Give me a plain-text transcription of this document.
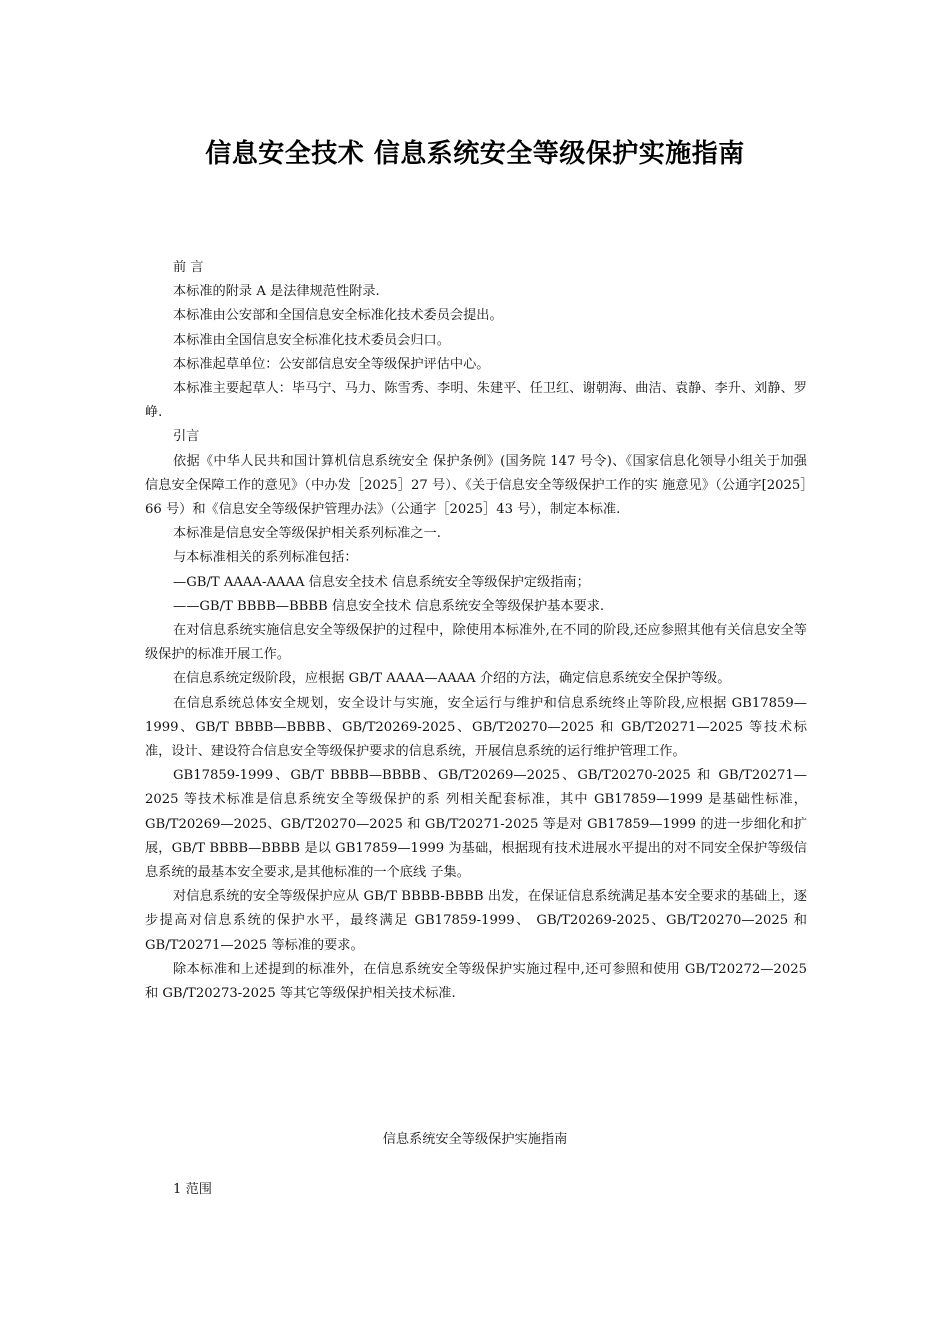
信息安全技术 信息系统安全等级保护实施指南

前 言

本标准的附录 A 是法律规范性附录.

本标准由公安部和全国信息安全标准化技术委员会提出。

本标准由全国信息安全标准化技术委员会归口。

本标准起草单位：公安部信息安全等级保护评估中心。

本标准主要起草人：毕马宁、马力、陈雪秀、李明、朱建平、任卫红、谢朝海、曲洁、袁静、李升、刘静、罗峥.

引言

依据《中华人民共和国计算机信息系统安全 保护条例》(国务院 147 号令)、《国家信息化领导小组关于加强信息安全保障工作的意见》（中办发［2025］27 号）、《关于信息安全等级保护工作的实 施意见》（公通字[2025］66 号）和《信息安全等级保护管理办法》（公通字［2025］43 号），制定本标准.

本标准是信息安全等级保护相关系列标准之一.

与本标准相关的系列标准包括：

—GB/T AAAA-AAAA 信息安全技术 信息系统安全等级保护定级指南；

——GB/T BBBB—BBBB 信息安全技术 信息系统安全等级保护基本要求.

在对信息系统实施信息安全等级保护的过程中，除使用本标准外,在不同的阶段,还应参照其他有关信息安全等级保护的标准开展工作。

在信息系统定级阶段，应根据 GB/T AAAA—AAAA 介绍的方法，确定信息系统安全保护等级。

在信息系统总体安全规划，安全设计与实施，安全运行与维护和信息系统终止等阶段,应根据 GB17859—1999、GB/T BBBB—BBBB、GB/T20269-2025、GB/T20270—2025 和 GB/T20271—2025 等技术标准，设计、建设符合信息安全等级保护要求的信息系统，开展信息系统的运行维护管理工作。

GB17859-1999、GB/T BBBB—BBBB、GB/T20269—2025、GB/T20270-2025 和 GB/T20271—2025 等技术标准是信息系统安全等级保护的系 列相关配套标准，其中 GB17859—1999 是基础性标准，GB/T20269—2025、GB/T20270—2025 和 GB/T20271-2025 等是对 GB17859—1999 的进一步细化和扩展，GB/T BBBB—BBBB 是以 GB17859—1999 为基础，根据现有技术进展水平提出的对不同安全保护等级信息系统的最基本安全要求,是其他标准的一个底线 子集。

对信息系统的安全等级保护应从 GB/T BBBB-BBBB 出发，在保证信息系统满足基本安全要求的基础上，逐步提高对信息系统的保护水平，最终满足 GB17859-1999、 GB/T20269-2025、GB/T20270—2025 和 GB/T20271—2025 等标准的要求。

除本标准和上述提到的标准外，在信息系统安全等级保护实施过程中,还可参照和使用 GB/T20272—2025 和 GB/T20273-2025 等其它等级保护相关技术标准.

信息系统安全等级保护实施指南
1 范围
